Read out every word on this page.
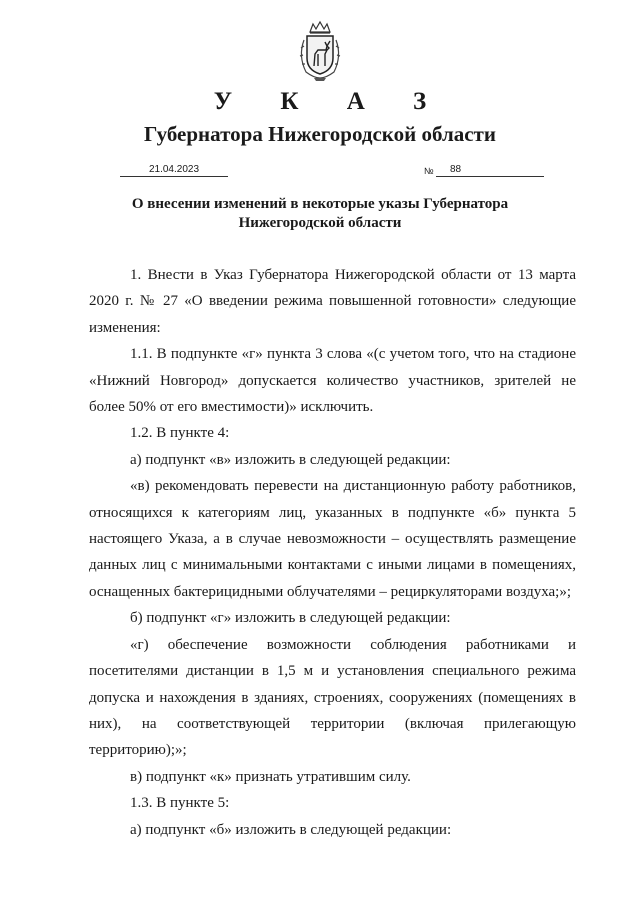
У К А З
Губернатора Нижегородской области
21.04.2023	№	88
О внесении изменений в некоторые указы Губернатора Нижегородской области

1. Внести в Указ Губернатора Нижегородской области от 13 марта 2020 г. № 27 «О введении режима повышенной готовности» следующие изменения:

1.1. В подпункте «г» пункта 3 слова «(с учетом того, что на стадионе «Нижний Новгород» допускается количество участников, зрителей не более 50% от его вместимости)» исключить.

1.2. В пункте 4:

а) подпункт «в» изложить в следующей редакции:

«в) рекомендовать перевести на дистанционную работу работников, относящихся к категориям лиц, указанных в подпункте «б» пункта 5 настоящего Указа, а в случае невозможности – осуществлять размещение данных лиц с минимальными контактами с иными лицами в помещениях, оснащенных бактерицидными облучателями – рециркуляторами воздуха;»;

б) подпункт «г» изложить в следующей редакции:

«г) обеспечение возможности соблюдения работниками и посетителями дистанции в 1,5 м и установления специального режима допуска и нахождения в зданиях, строениях, сооружениях (помещениях в них), на соответствующей территории (включая прилегающую территорию);»;

в) подпункт «к» признать утратившим силу.

1.3. В пункте 5:

а) подпункт «б» изложить в следующей редакции:
